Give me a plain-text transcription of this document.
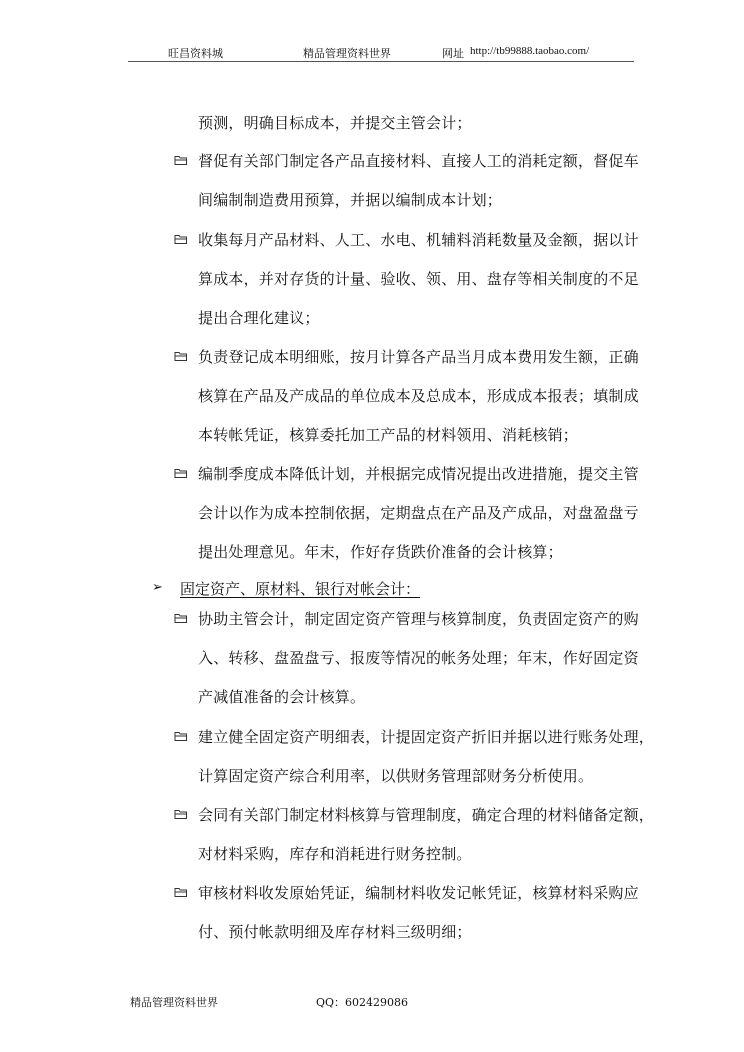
旺昌资料城	精品管理资料世界	网址 http://tb99888.taobao.com/
预测，明确目标成本，并提交主管会计；
督促有关部门制定各产品直接材料、直接人工的消耗定额，督促车
间编制制造费用预算，并据以编制成本计划；
收集每月产品材料、人工、水电、机辅料消耗数量及金额，据以计
算成本，并对存货的计量、验收、领、用、盘存等相关制度的不足
提出合理化建议；
负责登记成本明细账，按月计算各产品当月成本费用发生额，正确
核算在产品及产成品的单位成本及总成本，形成成本报表；填制成
本转帐凭证，核算委托加工产品的材料领用、消耗核销；
编制季度成本降低计划，并根据完成情况提出改进措施，提交主管
会计以作为成本控制依据，定期盘点在产品及产成品，对盘盈盘亏
提出处理意见。年末，作好存货跌价准备的会计核算；
➢ 固定资产、原材料、银行对帐会计：
协助主管会计，制定固定资产管理与核算制度，负责固定资产的购
入、转移、盘盈盘亏、报废等情况的帐务处理；年末，作好固定资
产减值准备的会计核算。
建立健全固定资产明细表，计提固定资产折旧并据以进行账务处理，
计算固定资产综合利用率，以供财务管理部财务分析使用。
会同有关部门制定材料核算与管理制度，确定合理的材料储备定额，
对材料采购，库存和消耗进行财务控制。
审核材料收发原始凭证，编制材料收发记帐凭证，核算材料采购应
付、预付帐款明细及库存材料三级明细；
精品管理资料世界	QQ：602429086
